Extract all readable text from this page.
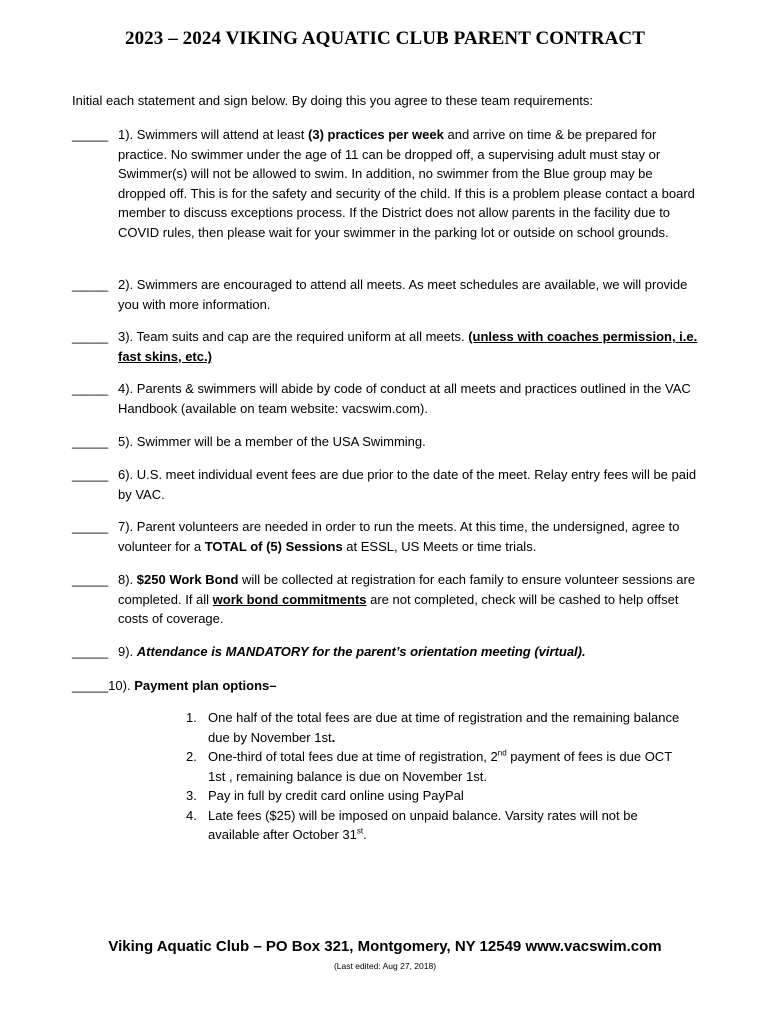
2023 – 2024 VIKING AQUATIC CLUB PARENT CONTRACT
Initial each statement and sign below. By doing this you agree to these team requirements:
_____ 1). Swimmers will attend at least (3) practices per week and arrive on time & be prepared for practice. No swimmer under the age of 11 can be dropped off, a supervising adult must stay or Swimmer(s) will not be allowed to swim. In addition, no swimmer from the Blue group may be dropped off. This is for the safety and security of the child. If this is a problem please contact a board member to discuss exceptions process. If the District does not allow parents in the facility due to COVID rules, then please wait for your swimmer in the parking lot or outside on school grounds.
_____ 2). Swimmers are encouraged to attend all meets. As meet schedules are available, we will provide you with more information.
_____ 3). Team suits and cap are the required uniform at all meets. (unless with coaches permission, i.e. fast skins, etc.)
_____ 4). Parents & swimmers will abide by code of conduct at all meets and practices outlined in the VAC Handbook (available on team website: vacswim.com).
_____ 5). Swimmer will be a member of the USA Swimming.
_____ 6). U.S. meet individual event fees are due prior to the date of the meet. Relay entry fees will be paid by VAC.
_____ 7). Parent volunteers are needed in order to run the meets. At this time, the undersigned, agree to volunteer for a TOTAL of (5) Sessions at ESSL, US Meets or time trials.
_____ 8). $250 Work Bond will be collected at registration for each family to ensure volunteer sessions are completed. If all work bond commitments are not completed, check will be cashed to help offset costs of coverage.
_____ 9). Attendance is MANDATORY for the parent’s orientation meeting (virtual).
_____10). Payment plan options–
1. One half of the total fees are due at time of registration and the remaining balance due by November 1st.
2. One-third of total fees due at time of registration, 2nd payment of fees is due OCT 1st , remaining balance is due on November 1st.
3. Pay in full by credit card online using PayPal
4. Late fees ($25) will be imposed on unpaid balance. Varsity rates will not be available after October 31st.
Viking Aquatic Club – PO Box 321, Montgomery, NY 12549 www.vacswim.com
(Last edited: Aug 27, 2018)
